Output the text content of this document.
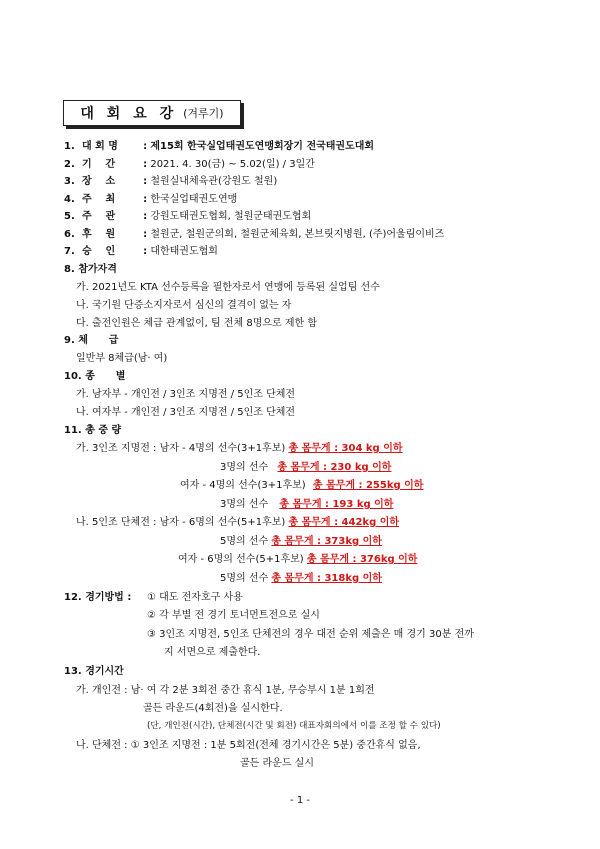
대 회 요 강 (겨루기)
1. 대 회 명	: 제15회 한국실업태권도연맹회장기 전국태권도대회
2. 기    간	: 2021. 4. 30(금) ~ 5.02(일) / 3일간
3. 장    소	: 철원실내체육관(강원도 철원)
4. 주    최	: 한국실업태권도연맹
5. 주    관	: 강원도태권도협회, 철원군태권도협회
6. 후    원	: 철원군, 철원군의회, 철원군체육회, 본브릿지병원, (주)어울림이비즈
7. 승    인	: 대한태권도협회
8. 참가자격
가. 2021년도 KTA 선수등록을 필한자로서 연맹에 등록된 실업팀 선수
나. 국기원 단증소지자로서 심신의 결격이 없는 자
다. 출전인원은 체급 관계없이, 팀 전체 8명으로 제한 함
9. 체      급
일반부 8체급(남· 여)
10. 종      별
가. 남자부 - 개인전 / 3인조 지명전 / 5인조 단체전
나. 여자부 - 개인전 / 3인조 지명전 / 5인조 단체전
11. 총 중 량
가. 3인조 지명전 : 남자 - 4명의 선수(3+1후보) 총 몸무게 : 304 kg 이하
3명의 선수 총 몸무게 : 230 kg 이하
여자 - 4명의 선수(3+1후보) 총 몸무게 : 255kg 이하
3명의 선수 총 몸무게 : 193 kg 이하
나. 5인조 단체전 : 남자 - 6명의 선수(5+1후보) 총 몸무게 : 442kg 이하
5명의 선수 총 몸무게 : 373kg 이하
여자 - 6명의 선수(5+1후보) 총 몸무게 : 376kg 이하
5명의 선수 총 몸무게 : 318kg 이하
12. 경기방법 : ① 대도 전자호구 사용
② 각 부별 전 경기 토너먼트전으로 실시
③ 3인조 지명전, 5인조 단체전의 경우 대전 순위 제출은 매 경기 30분 전까
지 서면으로 제출한다.
13. 경기시간
가. 개인전 : 남· 여 각 2분 3회전 중간 휴식 1분, 무승부시 1분 1회전
골든 라운드(4회전)을 실시한다.
(단, 개인전(시간), 단체전(시간 및 회전) 대표자회의에서 이를 조정 할 수 있다)
나. 단체전 : ① 3인조 지명전 : 1분 5회전(전체 경기시간은 5분) 중간휴식 없음,
골든 라운드 실시
- 1 -
